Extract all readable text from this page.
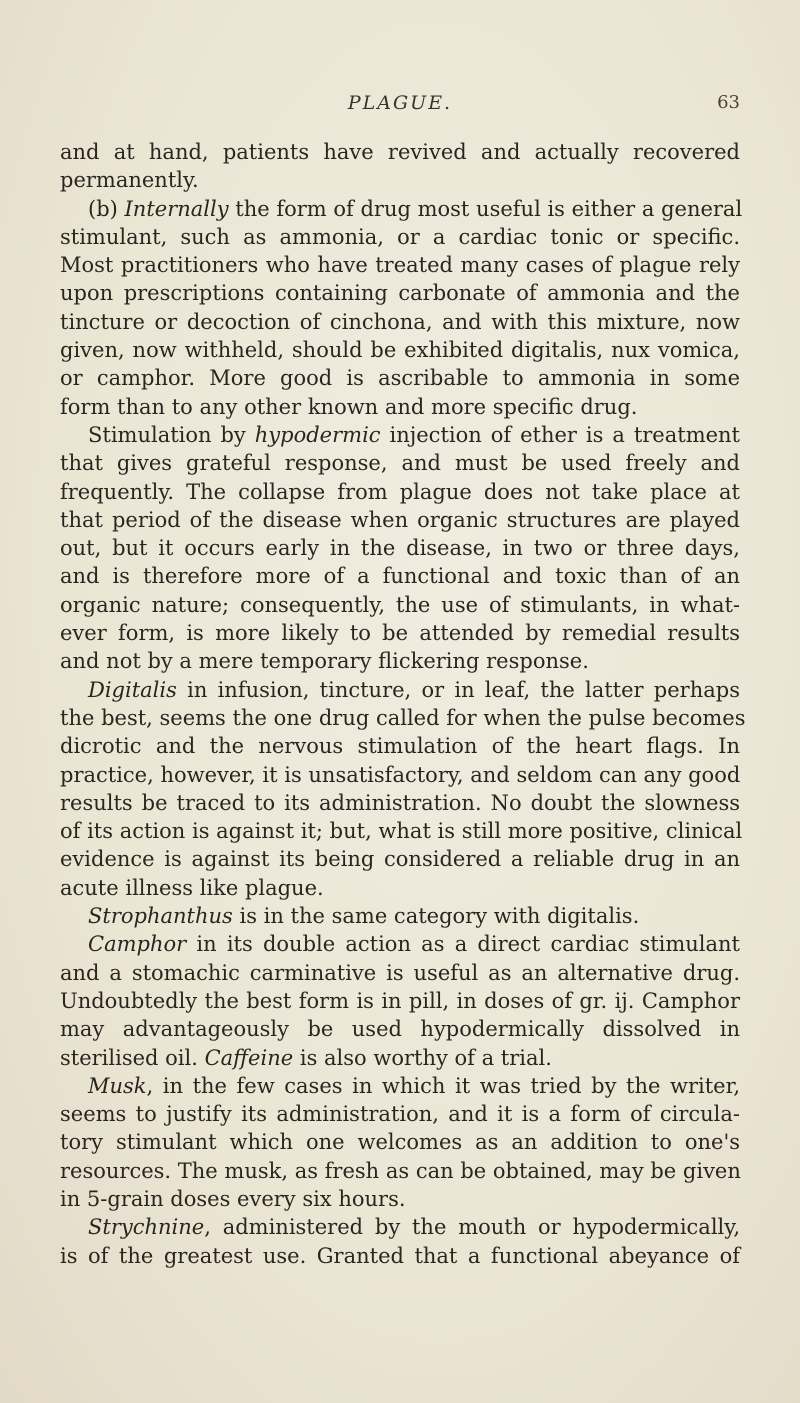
PLAGUE.	63
and at hand, patients have revived and actually recovered
permanently.
(b) Internally the form of drug most useful is either a general
stimulant, such as ammonia, or a cardiac tonic or specific.
Most practitioners who have treated many cases of plague rely
upon prescriptions containing carbonate of ammonia and the
tincture or decoction of cinchona, and with this mixture, now
given, now withheld, should be exhibited digitalis, nux vomica,
or camphor. More good is ascribable to ammonia in some
form than to any other known and more specific drug.
Stimulation by hypodermic injection of ether is a treatment
that gives grateful response, and must be used freely and
frequently. The collapse from plague does not take place at
that period of the disease when organic structures are played
out, but it occurs early in the disease, in two or three days,
and is therefore more of a functional and toxic than of an
organic nature; consequently, the use of stimulants, in what-
ever form, is more likely to be attended by remedial results
and not by a mere temporary flickering response.
Digitalis in infusion, tincture, or in leaf, the latter perhaps
the best, seems the one drug called for when the pulse becomes
dicrotic and the nervous stimulation of the heart flags. In
practice, however, it is unsatisfactory, and seldom can any good
results be traced to its administration. No doubt the slowness
of its action is against it; but, what is still more positive, clinical
evidence is against its being considered a reliable drug in an
acute illness like plague.
Strophanthus is in the same category with digitalis.
Camphor in its double action as a direct cardiac stimulant
and a stomachic carminative is useful as an alternative drug.
Undoubtedly the best form is in pill, in doses of gr. ij. Camphor
may advantageously be used hypodermically dissolved in
sterilised oil. Caffeine is also worthy of a trial.
Musk, in the few cases in which it was tried by the writer,
seems to justify its administration, and it is a form of circula-
tory stimulant which one welcomes as an addition to one's
resources. The musk, as fresh as can be obtained, may be given
in 5-grain doses every six hours.
Strychnine, administered by the mouth or hypodermically,
is of the greatest use. Granted that a functional abeyance of
